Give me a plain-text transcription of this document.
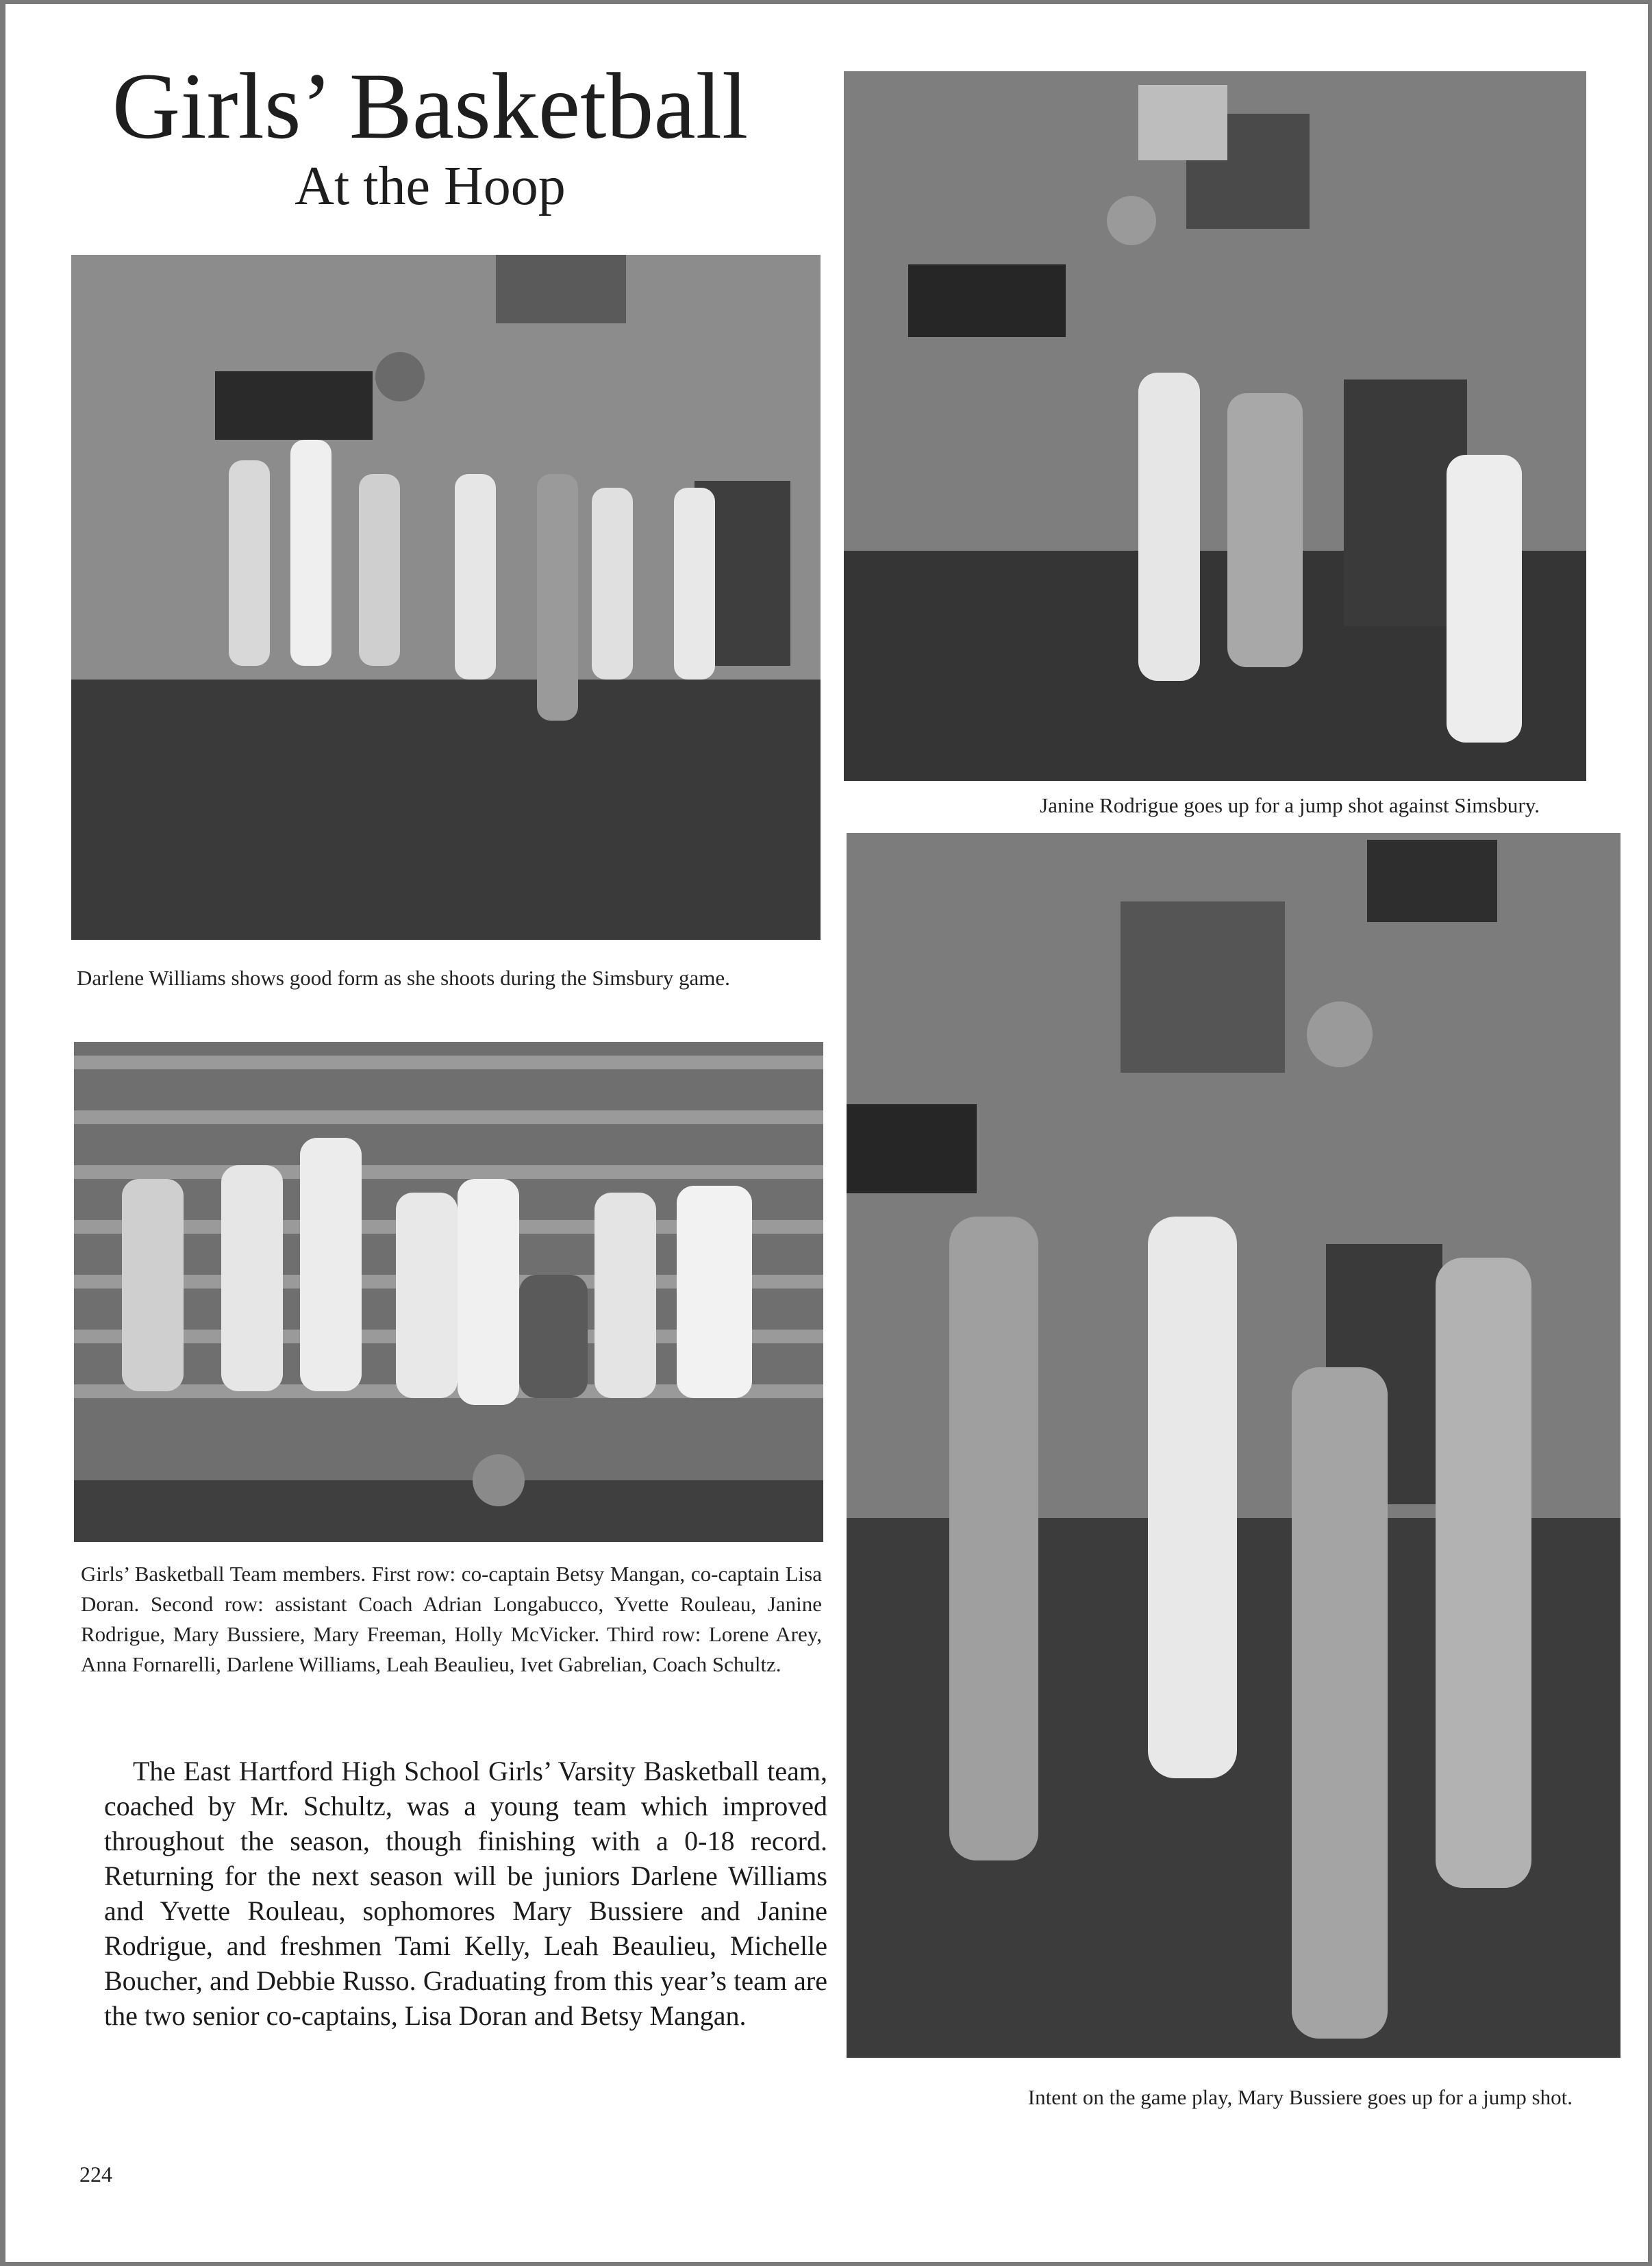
Girls’ Basketball
At the Hoop
Darlene Williams shows good form as she shoots during the Simsbury game.
Girls’ Basketball Team members. First row: co-captain Betsy Mangan, co-captain Lisa Doran. Second row: assistant Coach Adrian Longabucco, Yvette Rouleau, Janine Rodrigue, Mary Bussiere, Mary Freeman, Holly McVicker. Third row: Lorene Arey, Anna Fornarelli, Darlene Williams, Leah Beaulieu, Ivet Gabrelian, Coach Schultz.
The East Hartford High School Girls’ Varsity Basketball team, coached by Mr. Schultz, was a young team which improved throughout the season, though finishing with a 0-18 record. Returning for the next season will be juniors Darlene Williams and Yvette Rouleau, sophomores Mary Bussiere and Janine Rodrigue, and freshmen Tami Kelly, Leah Beaulieu, Michelle Boucher, and Debbie Russo. Graduating from this year’s team are the two senior co-captains, Lisa Doran and Betsy Mangan.
Janine Rodrigue goes up for a jump shot against Simsbury.
Intent on the game play, Mary Bussiere goes up for a jump shot.
224
